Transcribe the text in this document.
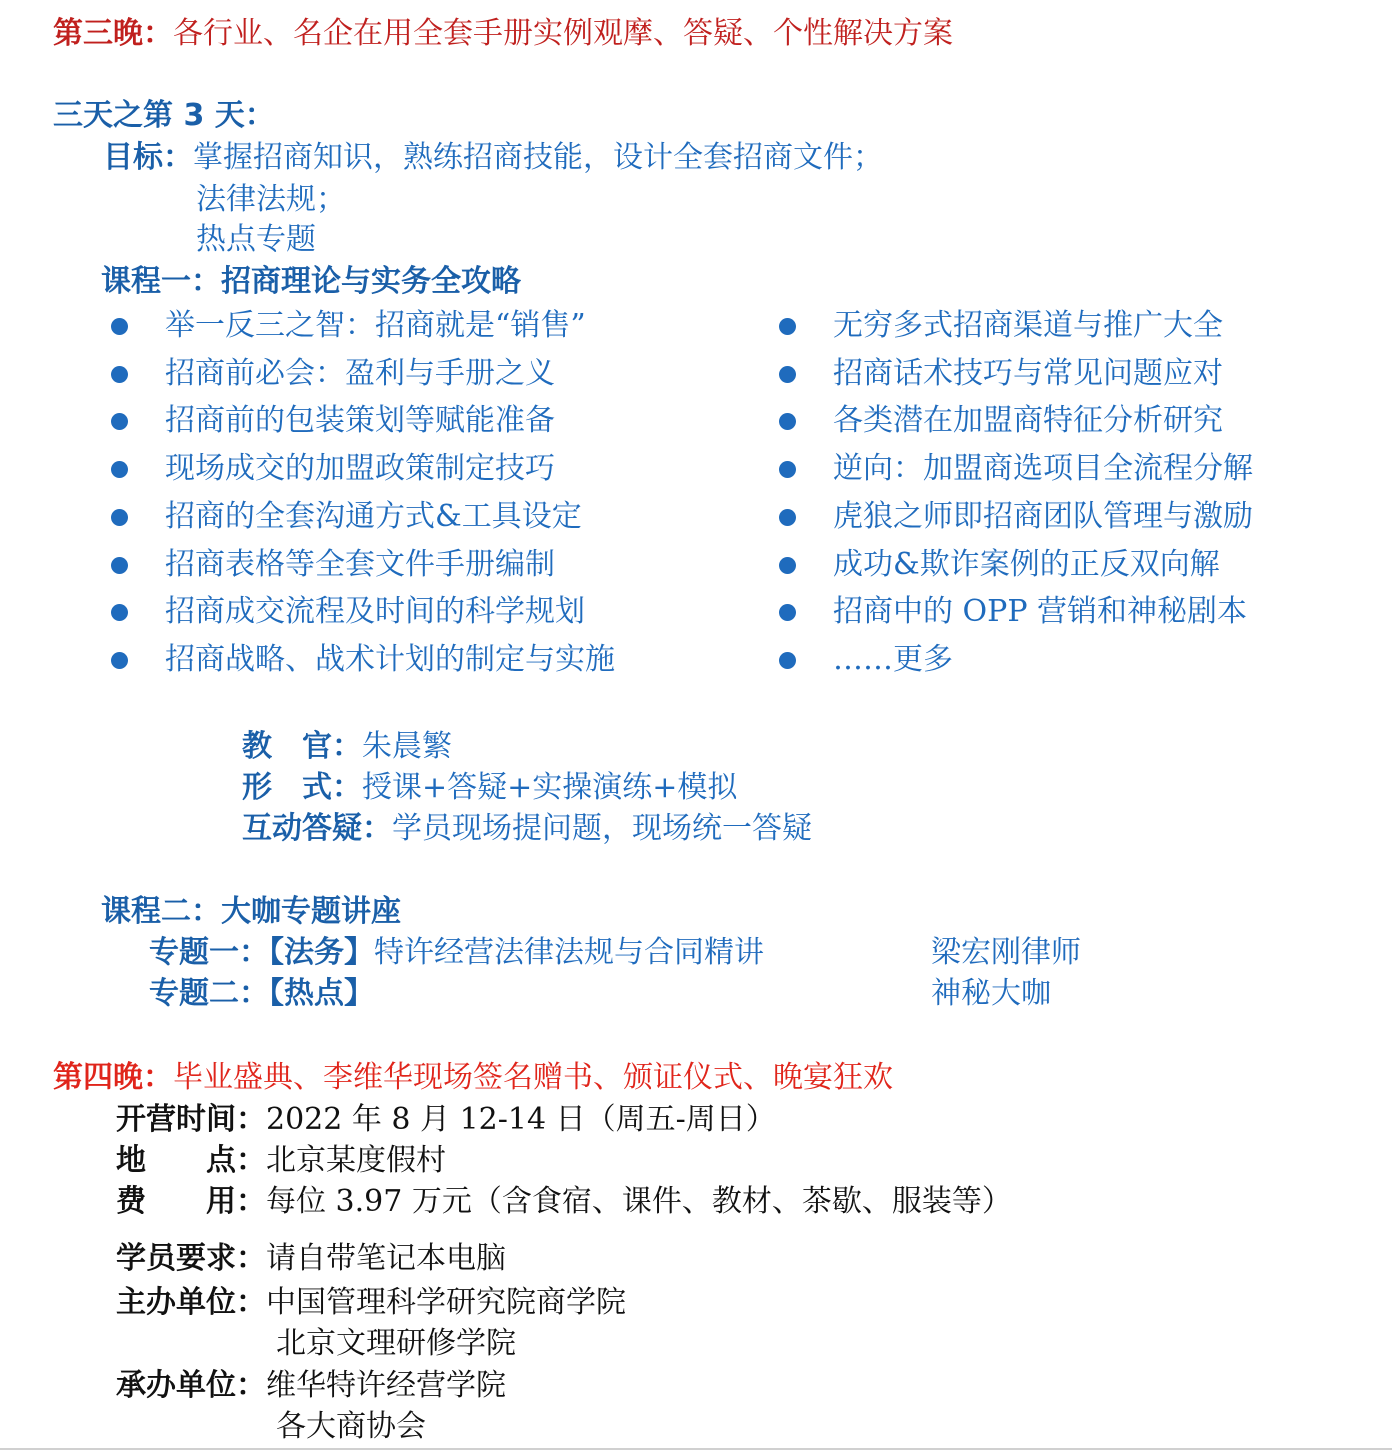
第三晚：各行业、名企在用全套手册实例观摩、答疑、个性解决方案
三天之第 3 天：
目标：掌握招商知识，熟练招商技能，设计全套招商文件；
法律法规；
热点专题
课程一：招商理论与实务全攻略
举一反三之智：招商就是“销售”
招商前必会：盈利与手册之义
招商前的包装策划等赋能准备
现场成交的加盟政策制定技巧
招商的全套沟通方式&工具设定
招商表格等全套文件手册编制
招商成交流程及时间的科学规划
招商战略、战术计划的制定与实施
无穷多式招商渠道与推广大全
招商话术技巧与常见问题应对
各类潜在加盟商特征分析研究
逆向：加盟商选项目全流程分解
虎狼之师即招商团队管理与激励
成功&欺诈案例的正反双向解
招商中的 OPP 营销和神秘剧本
……更多
教　官：朱晨繁
形　式：授课+答疑+实操演练+模拟
互动答疑：学员现场提问题，现场统一答疑
课程二：大咖专题讲座
专题一：【法务】特许经营法律法规与合同精讲	梁宏刚律师
专题二：【热点】	神秘大咖
第四晚：毕业盛典、李维华现场签名赠书、颁证仪式、晚宴狂欢
开营时间：2022 年 8 月 12-14 日（周五-周日）
地　　点：北京某度假村
费　　用：每位 3.97 万元（含食宿、课件、教材、茶歇、服装等）
学员要求：请自带笔记本电脑
主办单位：中国管理科学研究院商学院
北京文理研修学院
承办单位：维华特许经营学院
各大商协会
